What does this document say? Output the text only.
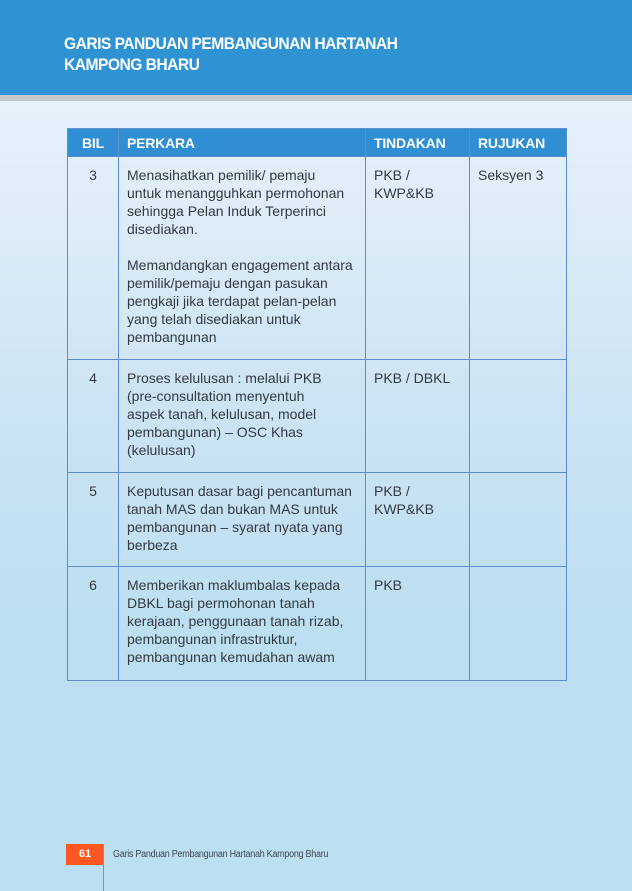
GARIS PANDUAN PEMBANGUNAN HARTANAH
KAMPONG BHARU
BIL	PERKARA	TINDAKAN	RUJUKAN
3	Menasihatkan pemilik/ pemaju untuk menangguhkan permohonan sehingga Pelan Induk Terperinci disediakan.
Memandangkan engagement antara pemilik/pemaju dengan pasukan pengkaji jika terdapat pelan-pelan yang telah disediakan untuk pembangunan	PKB / KWP&KB	Seksyen 3
4	Proses kelulusan : melalui PKB (pre-consultation menyentuh aspek tanah, kelulusan, model pembangunan) – OSC Khas (kelulusan)	PKB / DBKL	
5	Keputusan dasar bagi pencantuman tanah MAS dan bukan MAS untuk pembangunan – syarat nyata yang berbeza	PKB / KWP&KB	

6	Memberikan maklumbalas kepada DBKL bagi permohonan tanah kerajaan, penggunaan tanah rizab, pembangunan infrastruktur, pembangunan kemudahan awam	PKB	
61	Garis Panduan Pembangunan Hartanah Kampong Bharu
